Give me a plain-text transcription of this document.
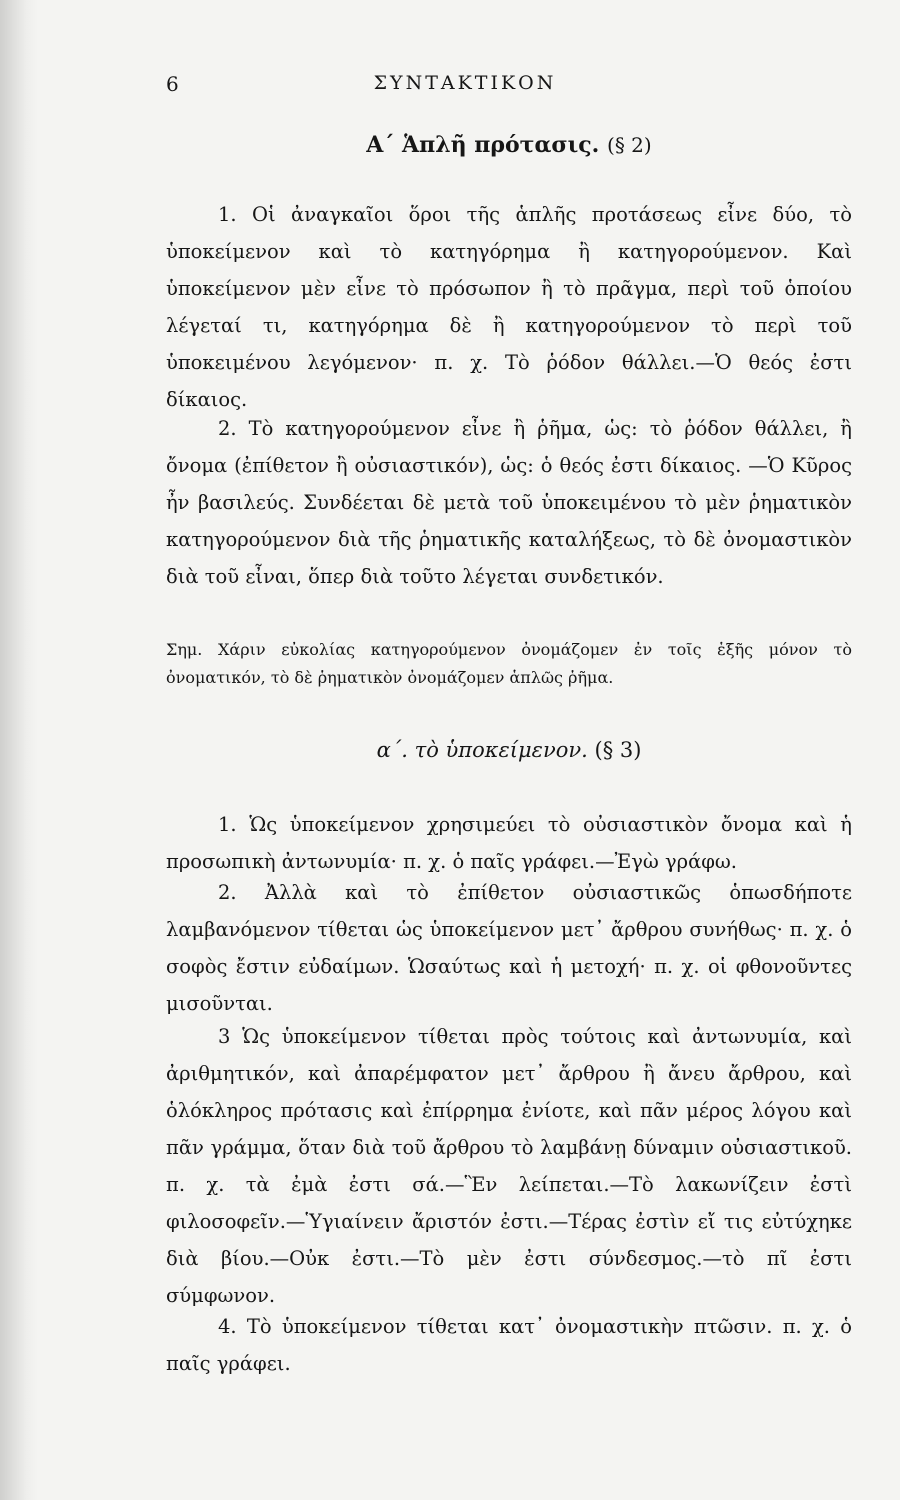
6	ΣΥΝΤΑΚΤΙΚΟΝ
Α΄ Ἁπλῆ πρότασις. (§ 2)

1. Οἱ ἀναγκαῖοι ὅροι τῆς ἁπλῆς προτάσεως εἶνε δύο, τὸ ὑποκείμενον καὶ τὸ κατηγόρημα ἢ κατηγορούμενον. Καὶ ὑποκείμενον μὲν εἶνε τὸ πρόσωπον ἢ τὸ πρᾶγμα, περὶ τοῦ ὁποίου λέγεταί τι, κατηγόρημα δὲ ἢ κατηγορούμενον τὸ περὶ τοῦ ὑποκειμένου λεγόμενον· π. χ. Τὸ ῥόδον θάλλει.—Ὁ θεός ἐστι δίκαιος.

2. Τὸ κατηγορούμενον εἶνε ἢ ῥῆμα, ὡς: τὸ ῥόδον θάλλει, ἢ ὄνομα (ἐπίθετον ἢ οὐσιαστικόν), ὡς: ὁ θεός ἐστι δίκαιος. —Ὁ Κῦρος ἦν βασιλεύς. Συνδέεται δὲ μετὰ τοῦ ὑποκειμένου τὸ μὲν ῥηματικὸν κατηγορούμενον διὰ τῆς ῥηματικῆς καταλήξεως, τὸ δὲ ὀνομαστικὸν διὰ τοῦ εἶναι, ὅπερ διὰ τοῦτο λέγεται συνδετικόν.

Σημ. Χάριν εὐκολίας κατηγορούμενον ὀνομάζομεν ἐν τοῖς ἑξῆς μόνον τὸ ὀνοματικόν, τὸ δὲ ῥηματικὸν ὀνομάζομεν ἁπλῶς ῥῆμα.

α΄. τὸ ὑποκείμενον. (§ 3)

1. Ὡς ὑποκείμενον χρησιμεύει τὸ οὐσιαστικὸν ὄνομα καὶ ἡ προσωπικὴ ἀντωνυμία· π. χ. ὁ παῖς γράφει.—Ἐγὼ γράφω.

2. Ἀλλὰ καὶ τὸ ἐπίθετον οὐσιαστικῶς ὁπωσδήποτε λαμβανόμενον τίθεται ὡς ὑποκείμενον μετ᾽ ἄρθρου συνήθως· π. χ. ὁ σοφὸς ἔστιν εὐδαίμων. Ὡσαύτως καὶ ἡ μετοχή· π. χ. οἱ φθονοῦντες μισοῦνται.

3 Ὡς ὑποκείμενον τίθεται πρὸς τούτοις καὶ ἀντωνυμία, καὶ ἀριθμητικόν, καὶ ἀπαρέμφατον μετ᾽ ἄρθρου ἢ ἄνευ ἄρθρου, καὶ ὁλόκληρος πρότασις καὶ ἐπίρρημα ἐνίοτε, καὶ πᾶν μέρος λόγου καὶ πᾶν γράμμα, ὅταν διὰ τοῦ ἄρθρου τὸ λαμβάνῃ δύναμιν οὐσιαστικοῦ. π. χ. τὰ ἐμὰ ἐστι σά.—Ἓν λείπεται.—Τὸ λακωνίζειν ἐστὶ φιλοσοφεῖν.—Ὑγιαίνειν ἄριστόν ἐστι.—Τέρας ἐστὶν εἴ τις εὐτύχηκε διὰ βίου.—Οὐκ ἐστι.—Τὸ μὲν ἐστι σύνδεσμος.—τὸ πῖ ἐστι σύμφωνον.

4. Τὸ ὑποκείμενον τίθεται κατ᾽ ὀνομαστικὴν πτῶσιν. π. χ. ὁ παῖς γράφει.
